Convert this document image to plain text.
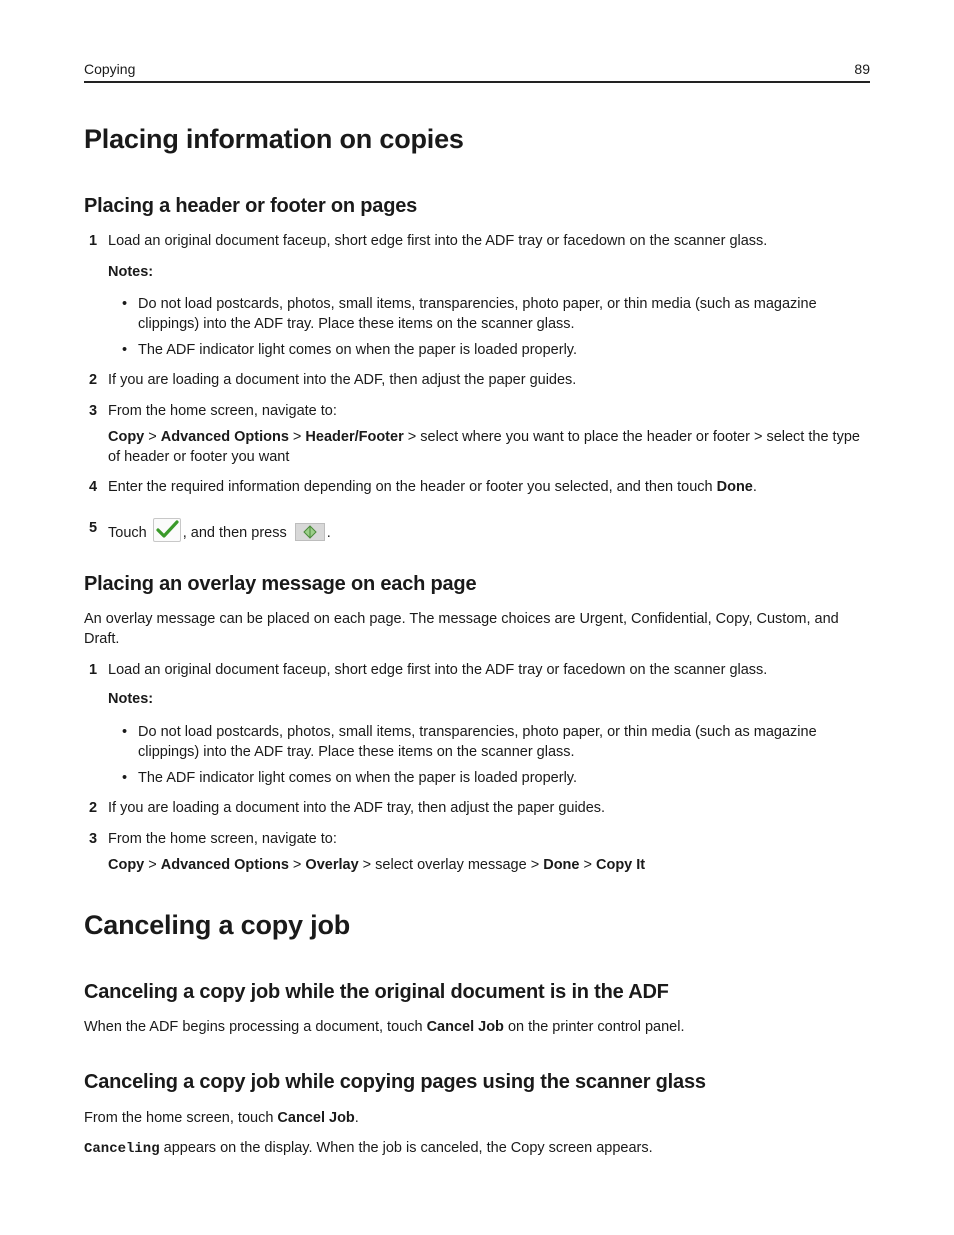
Copying	89
Placing information on copies
Placing a header or footer on pages
1 Load an original document faceup, short edge first into the ADF tray or facedown on the scanner glass.
Notes:
• Do not load postcards, photos, small items, transparencies, photo paper, or thin media (such as magazine clippings) into the ADF tray. Place these items on the scanner glass.
• The ADF indicator light comes on when the paper is loaded properly.
2 If you are loading a document into the ADF, then adjust the paper guides.
3 From the home screen, navigate to:
Copy > Advanced Options > Header/Footer > select where you want to place the header or footer > select the type of header or footer you want
4 Enter the required information depending on the header or footer you selected, and then touch Done.
5 Touch , and then press .
Placing an overlay message on each page
An overlay message can be placed on each page. The message choices are Urgent, Confidential, Copy, Custom, and Draft.
1 Load an original document faceup, short edge first into the ADF tray or facedown on the scanner glass.
Notes:
• Do not load postcards, photos, small items, transparencies, photo paper, or thin media (such as magazine clippings) into the ADF tray. Place these items on the scanner glass.
• The ADF indicator light comes on when the paper is loaded properly.
2 If you are loading a document into the ADF tray, then adjust the paper guides.
3 From the home screen, navigate to:
Copy > Advanced Options > Overlay > select overlay message > Done > Copy It
Canceling a copy job
Canceling a copy job while the original document is in the ADF
When the ADF begins processing a document, touch Cancel Job on the printer control panel.
Canceling a copy job while copying pages using the scanner glass
From the home screen, touch Cancel Job.
Canceling appears on the display. When the job is canceled, the Copy screen appears.
